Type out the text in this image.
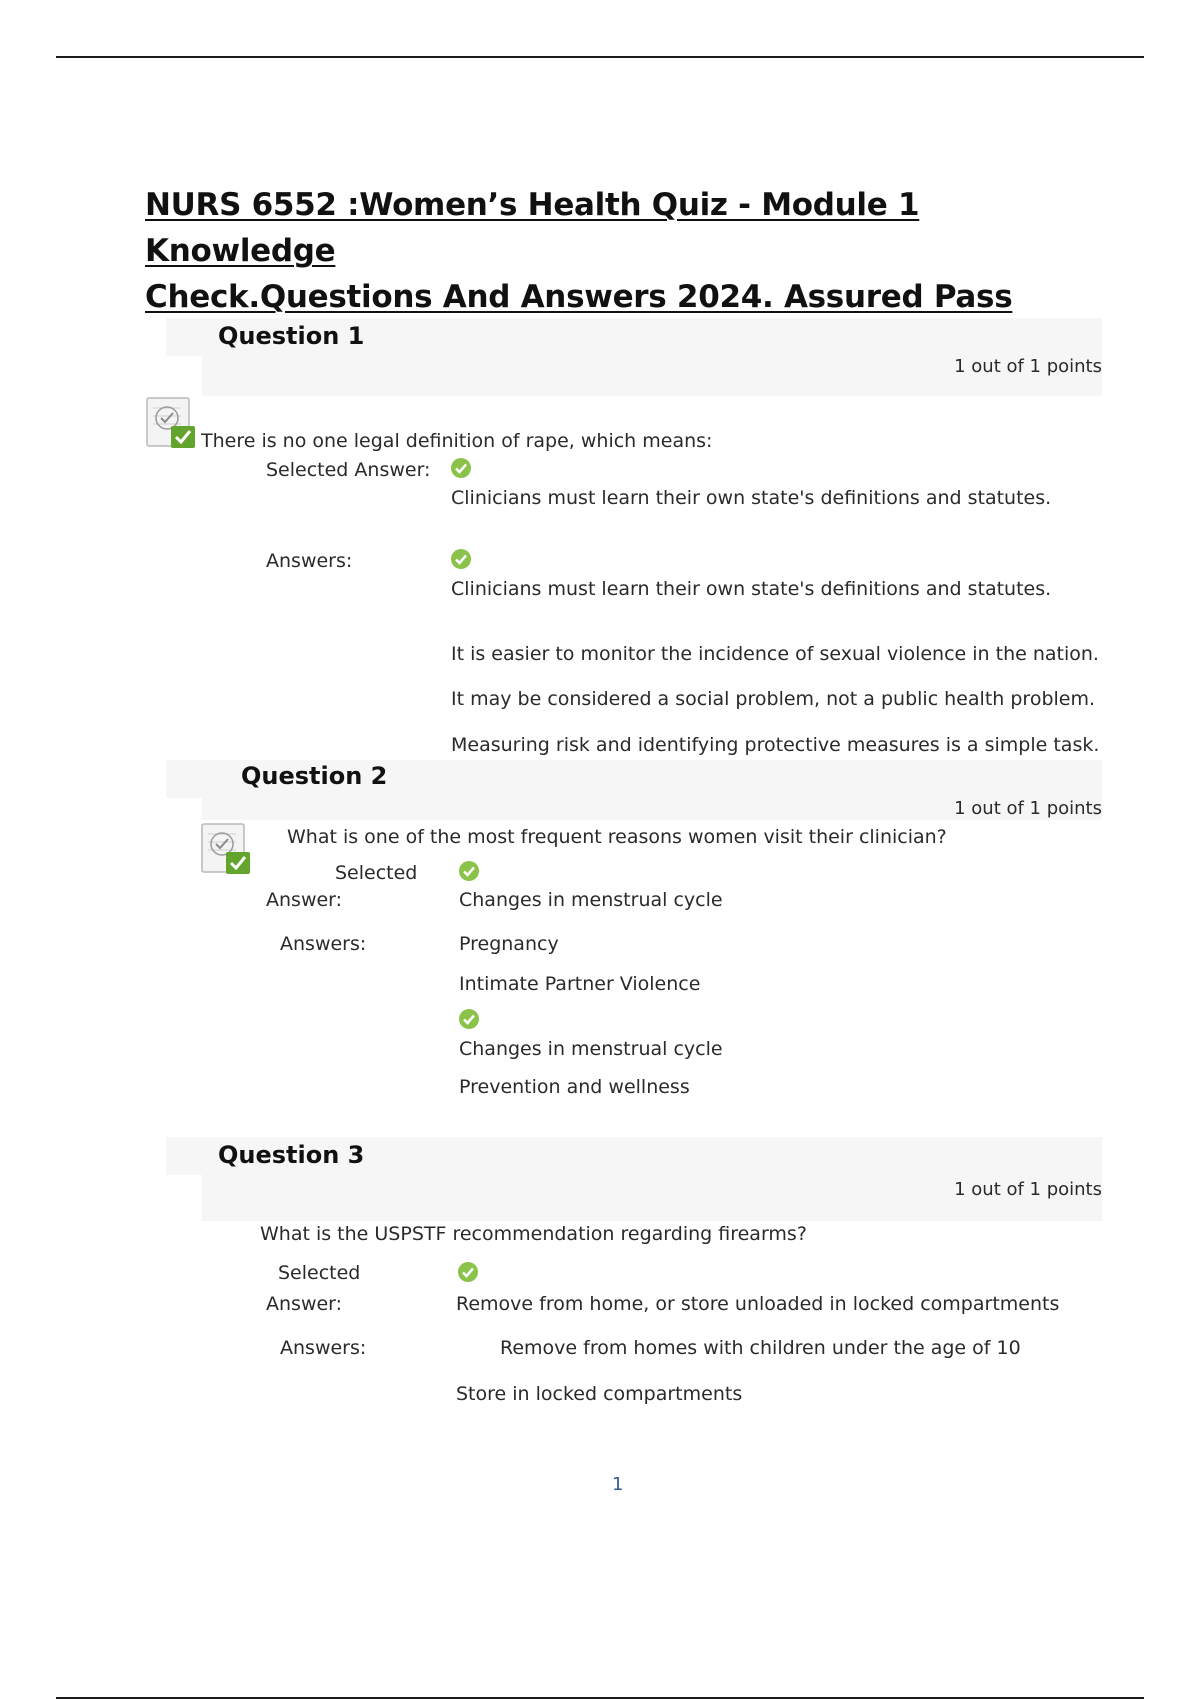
NURS 6552 :Women’s Health Quiz - Module 1 Knowledge
Check.Questions And Answers 2024. Assured Pass
Question 1
1 out of 1 points
There is no one legal definition of rape, which means:
Selected Answer:
Clinicians must learn their own state's definitions and statutes.
Answers:
Clinicians must learn their own state's definitions and statutes.
It is easier to monitor the incidence of sexual violence in the nation.
It may be considered a social problem, not a public health problem.
Measuring risk and identifying protective measures is a simple task.
Question 2
1 out of 1 points
What is one of the most frequent reasons women visit their clinician?
Selected
Answer:	Changes in menstrual cycle
Answers:	Pregnancy
Intimate Partner Violence
Changes in menstrual cycle
Prevention and wellness
Question 3
1 out of 1 points
What is the USPSTF recommendation regarding firearms?
Selected
Answer:	Remove from home, or store unloaded in locked compartments
Answers:	Remove from homes with children under the age of 10
Store in locked compartments
1
